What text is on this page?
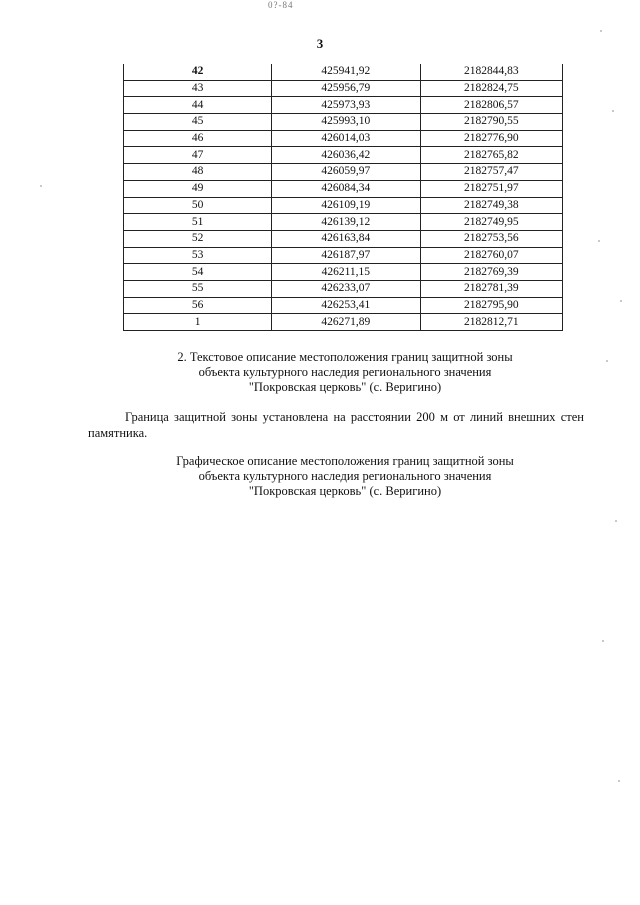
0?-84
3
42	425941,92	2182844,83
43	425956,79	2182824,75
44	425973,93	2182806,57
45	425993,10	2182790,55
46	426014,03	2182776,90
47	426036,42	2182765,82
48	426059,97	2182757,47
49	426084,34	2182751,97
50	426109,19	2182749,38
51	426139,12	2182749,95
52	426163,84	2182753,56
53	426187,97	2182760,07
54	426211,15	2182769,39
55	426233,07	2182781,39
56	426253,41	2182795,90
1	426271,89	2182812,71
2. Текстовое описание местоположения границ защитной зоны
объекта культурного наследия регионального значения
"Покровская церковь" (с. Веригино)
Граница защитной зоны установлена на расстоянии 200 м от линий внешних стен
памятника.
Графическое описание местоположения границ защитной зоны
объекта культурного наследия регионального значения
"Покровская церковь" (с. Веригино)
